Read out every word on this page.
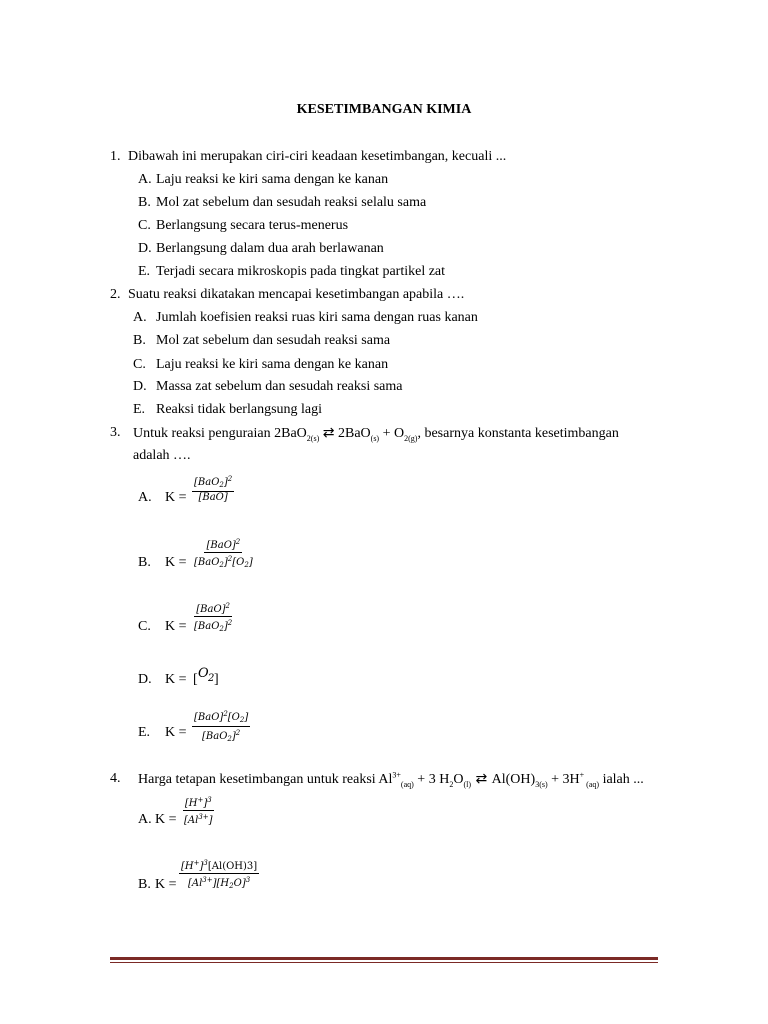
KESETIMBANGAN KIMIA
1. Dibawah ini merupakan ciri-ciri keadaan kesetimbangan, kecuali ...
A. Laju reaksi ke kiri sama dengan ke kanan
B. Mol zat sebelum dan sesudah reaksi selalu sama
C. Berlangsung secara terus-menerus
D. Berlangsung dalam dua arah berlawanan
E. Terjadi secara mikroskopis pada tingkat partikel zat
2. Suatu reaksi dikatakan mencapai kesetimbangan apabila ….
A. Jumlah koefisien reaksi ruas kiri sama dengan ruas kanan
B. Mol zat sebelum dan sesudah reaksi sama
C. Laju reaksi ke kiri sama dengan ke kanan
D. Massa zat sebelum dan sesudah reaksi sama
E. Reaksi tidak berlangsung lagi
3. Untuk reaksi penguraian 2BaO$_{2(s)}$ ⇄ $2BaO_{(s)} + O_{2(g)}$, besarnya konstanta kesetimbangan
adalah ….
A. K =
$[BaO_2]^2$
[BaO]
B. K =
[BaO]$^2$
$[BaO_2]^2[O_2]$
C. K =
[BaO]$^2$
$[BaO_2]^2$
D. K = [ O 2 ]
E. K =
$[BaO]^2[O_2]$
$[BaO_2]^2$
4. Harga tetapan kesetimbangan untuk reaksi $Al^{3+}_{(aq)} + 3$ $H_2O_{(l)}$ ⇄ $Al(OH)_{3(s)} + 3H^+$ $_{(aq)}$ ialah ...
A. $K = \frac{[H^+]^3}{[Al^{3+}]}$
B. $K = \frac{[H^+]^3[Al(OH)3]}{[Al^{3+}][H_2O]^3}$
